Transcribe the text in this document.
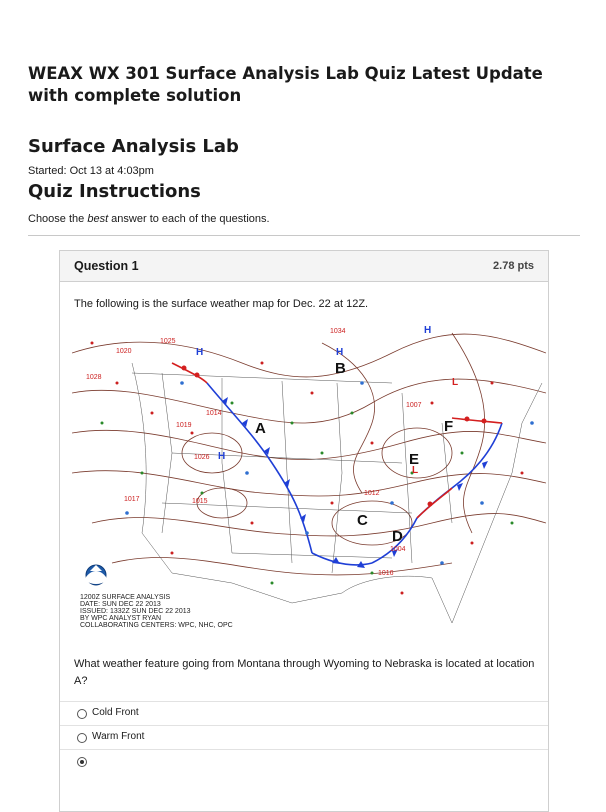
WEAX WX 301 Surface Analysis Lab Quiz Latest Update with complete solution
Surface Analysis Lab
Started: Oct 13 at 4:03pm
Quiz Instructions
Choose the best answer to each of the questions.
Question 1	2.78 pts
The following is the surface weather map for Dec. 22 at 12Z.
1020
1025
1028
1014
1019
1026
1017
1034
1004
1016
1012
1007
1015
H	H
H
H
L
L
A
B
C
D
E
F
1200Z SURFACE ANALYSIS
DATE: SUN DEC 22 2013
ISSUED: 1332Z SUN DEC 22 2013
BY WPC ANALYST RYAN
COLLABORATING CENTERS: WPC, NHC, OPC
What weather feature going from Montana through Wyoming to Nebraska is located at location A?
Cold Front
Warm Front
